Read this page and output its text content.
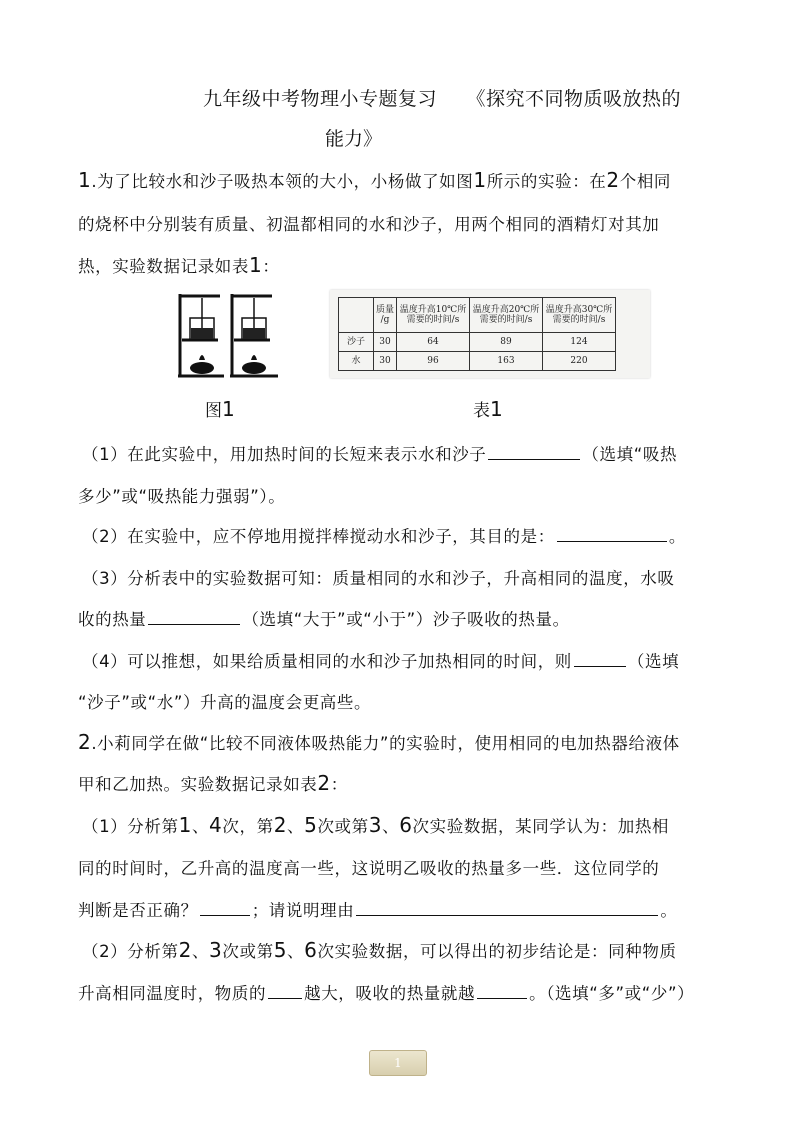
九年级中考物理小专题复习　　《探究不同物质吸放热的
能力》
1.为了比较水和沙子吸热本领的大小，小杨做了如图1所示的实验：在2个相同
的烧杯中分别装有质量、初温都相同的水和沙子，用两个相同的酒精灯对其加
热，实验数据记录如表1：
	质量
/g	温度升高10℃所
需要的时间/s	温度升高20℃所
需要的时间/s	温度升高30℃所
需要的时间/s
沙子	30	64	89	124
水	30	96	163	220
图1	表1
（1）在此实验中，用加热时间的长短来表示水和沙子	（选填“吸热
多少”或“吸热能力强弱”）。
（2）在实验中，应不停地用搅拌棒搅动水和沙子，其目的是：	。
（3）分析表中的实验数据可知：质量相同的水和沙子，升高相同的温度，水吸
收的热量	（选填“大于”或“小于”）沙子吸收的热量。
（4）可以推想，如果给质量相同的水和沙子加热相同的时间，则	（选填
“沙子”或“水”）升高的温度会更高些。
2.小莉同学在做“比较不同液体吸热能力”的实验时，使用相同的电加热器给液体
甲和乙加热。实验数据记录如表2：
（1）分析第1、4次，第2、5次或第3、6次实验数据，某同学认为：加热相
同的时间时，乙升高的温度高一些，这说明乙吸收的热量多一些．这位同学的
判断是否正确？	；请说明理由	。
（2）分析第2、3次或第5、6次实验数据，可以得出的初步结论是：同种物质
升高相同温度时，物质的 越大，吸收的热量就越	。（选填“多”或“少”）
1
